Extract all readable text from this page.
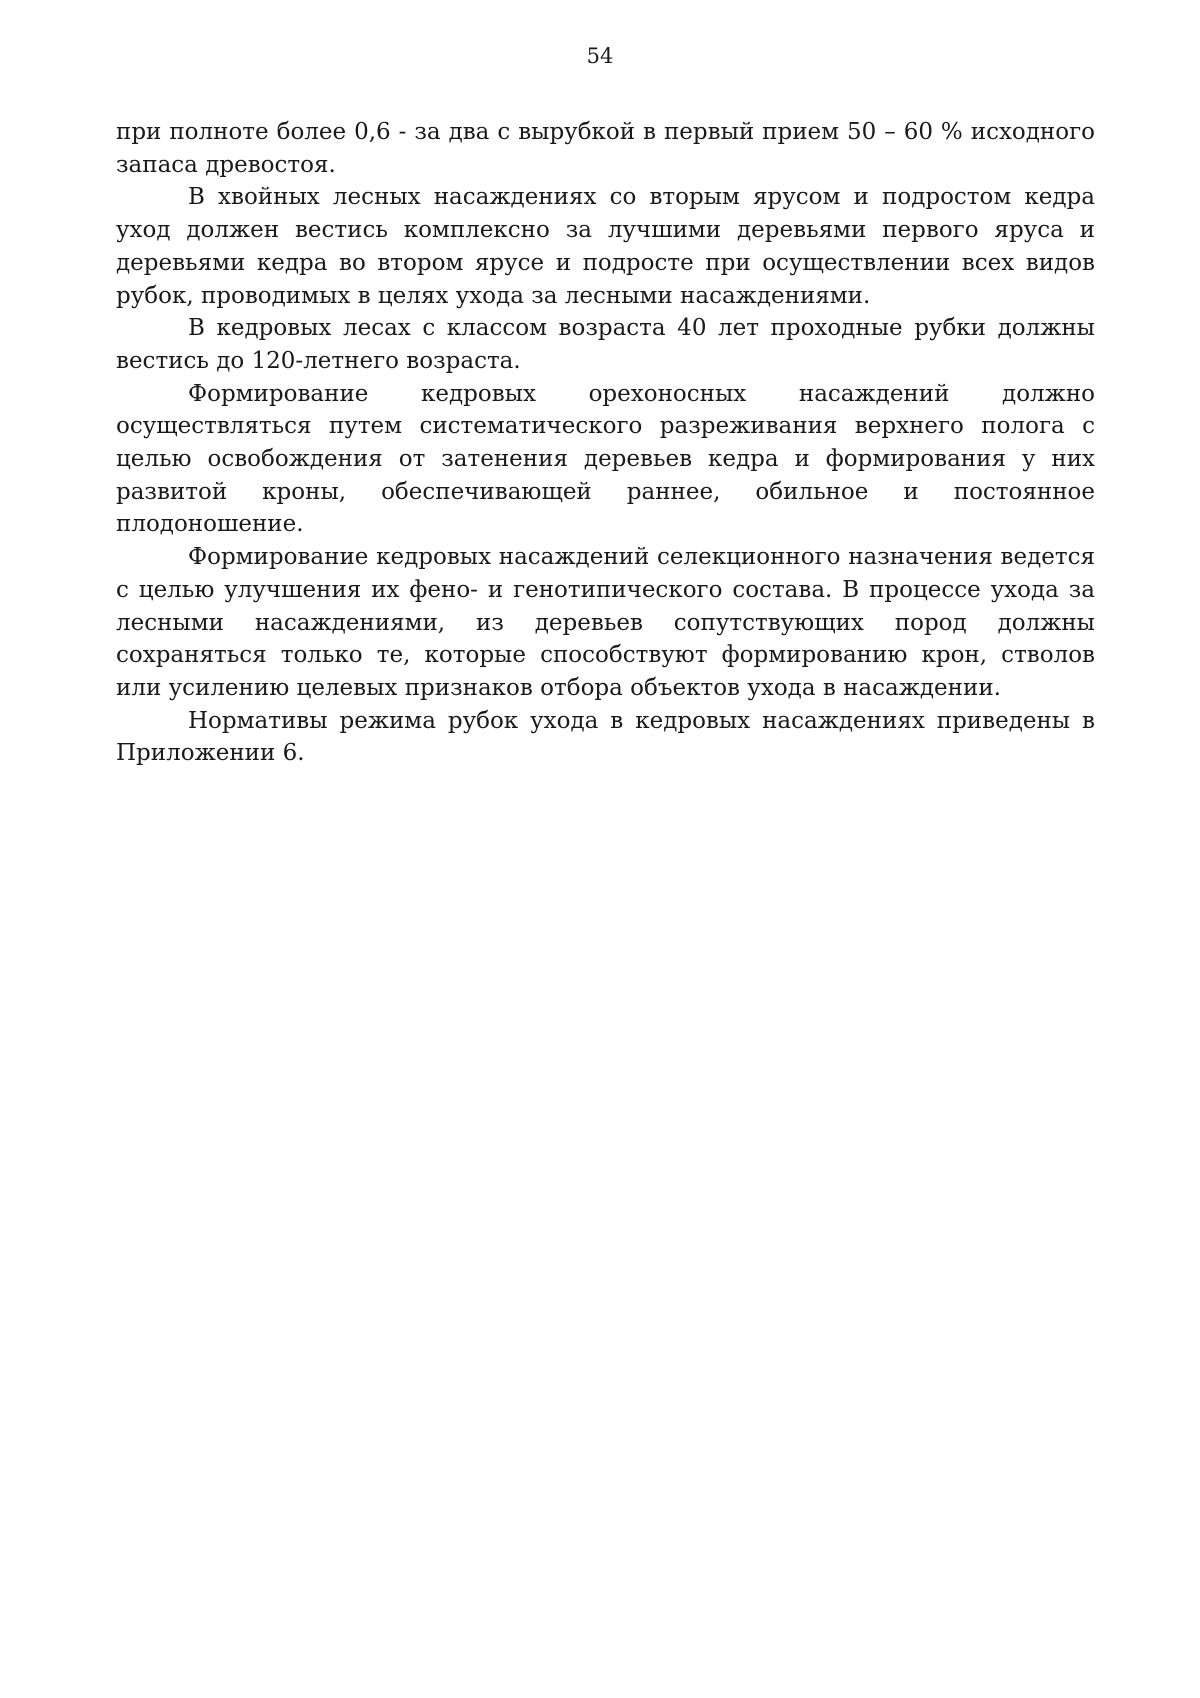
54

при полноте более 0,6 - за два с вырубкой в первый прием 50 – 60 % исходного запаса древостоя.

В хвойных лесных насаждениях со вторым ярусом и подростом кедра уход должен вестись комплексно за лучшими деревьями первого яруса и деревьями кедра во втором ярусе и подросте при осуществлении всех видов рубок, проводимых в целях ухода за лесными насаждениями.

В кедровых лесах с классом возраста 40 лет проходные рубки должны вестись до 120-летнего возраста.

Формирование кедровых орехоносных насаждений должно осуществляться путем систематического разреживания верхнего полога с целью освобождения от затенения деревьев кедра и формирования у них развитой кроны, обеспечивающей раннее, обильное и постоянное плодоношение.

Формирование кедровых насаждений селекционного назначения ведется с целью улучшения их фено- и генотипического состава. В процессе ухода за лесными насаждениями, из деревьев сопутствующих пород должны сохраняться только те, которые способствуют формированию крон, стволов или усилению целевых признаков отбора объектов ухода в насаждении.

Нормативы режима рубок ухода в кедровых насаждениях приведены в Приложении 6.
